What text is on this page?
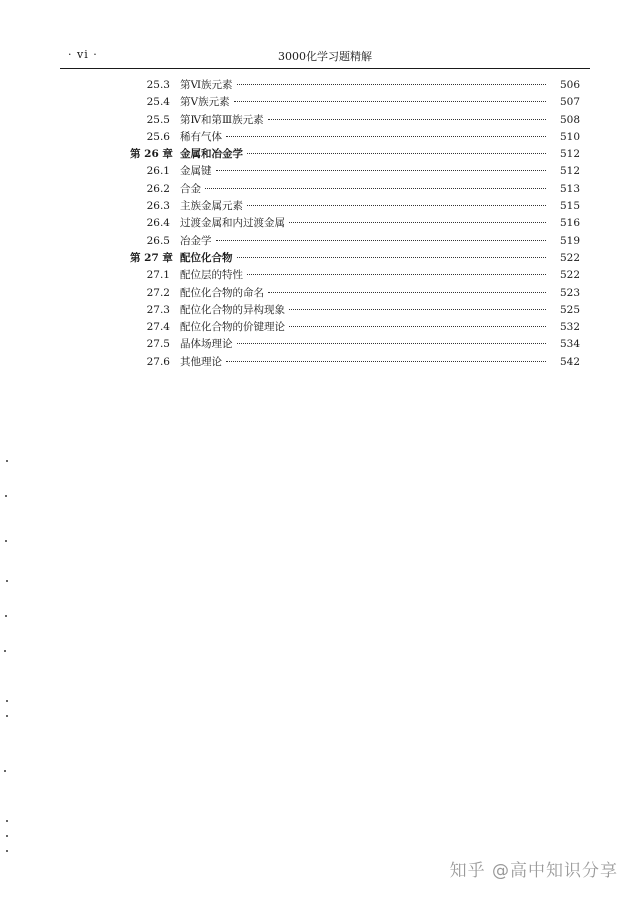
· vi ·	3000化学习题精解
25.3 第Ⅵ族元素	506
25.4 第Ⅴ族元素	507
25.5 第Ⅳ和第Ⅲ族元素	508
25.6 稀有气体	510
第 26 章 金属和冶金学	512
26.1 金属键	512
26.2 合金	513
26.3 主族金属元素	515
26.4 过渡金属和内过渡金属	516
26.5 冶金学	519
第 27 章 配位化合物	522
27.1 配位层的特性	522
27.2 配位化合物的命名	523
27.3 配位化合物的异构现象	525
27.4 配位化合物的价键理论	532
27.5 晶体场理论	534
27.6 其他理论	542
知乎 @高中知识分享
